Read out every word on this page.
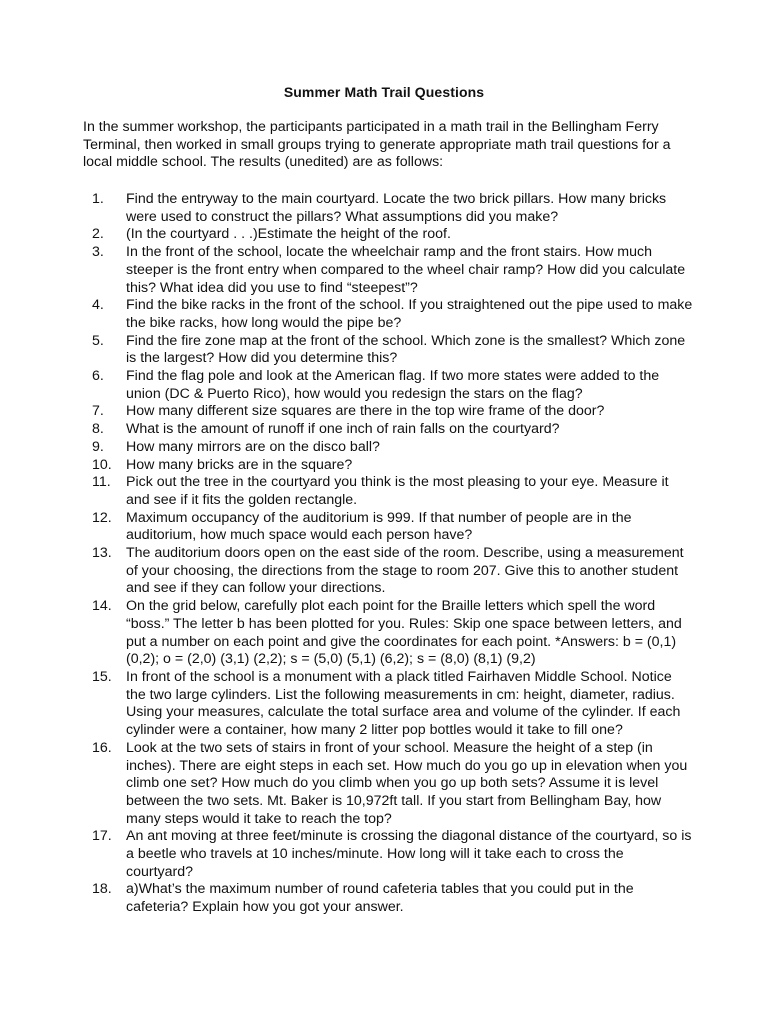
Summer Math Trail Questions
In the summer workshop, the participants participated in a math trail in the Bellingham Ferry Terminal, then worked in small groups trying to generate appropriate math trail questions for a local middle school. The results (unedited) are as follows:
1.	Find the entryway to the main courtyard. Locate the two brick pillars. How many bricks were used to construct the pillars? What assumptions did you make?
2.	(In the courtyard . . .)Estimate the height of the roof.
3.	In the front of the school, locate the wheelchair ramp and the front stairs. How much steeper is the front entry when compared to the wheel chair ramp? How did you calculate this? What idea did you use to find “steepest”?
4.	Find the bike racks in the front of the school. If you straightened out the pipe used to make the bike racks, how long would the pipe be?
5.	Find the fire zone map at the front of the school. Which zone is the smallest? Which zone is the largest? How did you determine this?
6.	Find the flag pole and look at the American flag. If two more states were added to the union (DC & Puerto Rico), how would you redesign the stars on the flag?
7.	How many different size squares are there in the top wire frame of the door?
8.	What is the amount of runoff if one inch of rain falls on the courtyard?
9.	How many mirrors are on the disco ball?
10.	How many bricks are in the square?
11.	Pick out the tree in the courtyard you think is the most pleasing to your eye. Measure it and see if it fits the golden rectangle.
12.	Maximum occupancy of the auditorium is 999. If that number of people are in the auditorium, how much space would each person have?
13.	The auditorium doors open on the east side of the room. Describe, using a measurement of your choosing, the directions from the stage to room 207. Give this to another student and see if they can follow your directions.
14.	On the grid below, carefully plot each point for the Braille letters which spell the word “boss.” The letter b has been plotted for you. Rules: Skip one space between letters, and put a number on each point and give the coordinates for each point. *Answers: b = (0,1) (0,2); o = (2,0) (3,1) (2,2); s = (5,0) (5,1) (6,2); s = (8,0) (8,1) (9,2)
15.	In front of the school is a monument with a plack titled Fairhaven Middle School. Notice the two large cylinders. List the following measurements in cm: height, diameter, radius. Using your measures, calculate the total surface area and volume of the cylinder. If each cylinder were a container, how many 2 litter pop bottles would it take to fill one?
16.	Look at the two sets of stairs in front of your school. Measure the height of a step (in inches). There are eight steps in each set. How much do you go up in elevation when you climb one set? How much do you climb when you go up both sets? Assume it is level between the two sets. Mt. Baker is 10,972ft tall. If you start from Bellingham Bay, how many steps would it take to reach the top?
17.	An ant moving at three feet/minute is crossing the diagonal distance of the courtyard, so is a beetle who travels at 10 inches/minute. How long will it take each to cross the courtyard?
18.	a)What’s the maximum number of round cafeteria tables that you could put in the cafeteria? Explain how you got your answer.
